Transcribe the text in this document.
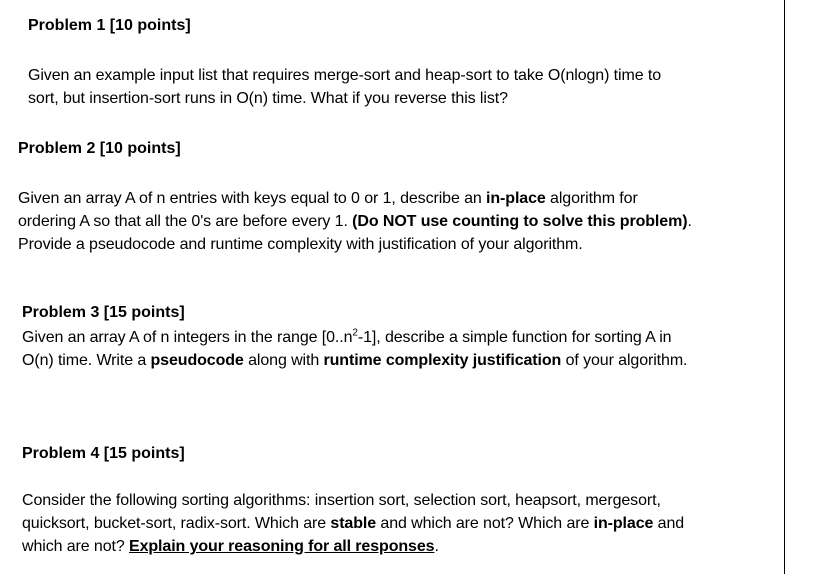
Problem 1 [10 points]
Given an example input list that requires merge-sort and heap-sort to take O(nlogn) time to
sort, but insertion-sort runs in O(n) time. What if you reverse this list?
Problem 2 [10 points]
Given an array A of n entries with keys equal to 0 or 1, describe an in-place algorithm for
ordering A so that all the 0's are before every 1. (Do NOT use counting to solve this problem).
Provide a pseudocode and runtime complexity with justification of your algorithm.
Problem 3 [15 points]
Given an array A of n integers in the range $[0..n^2-1]$, describe a simple function for sorting A in
O(n) time. Write a pseudocode along with runtime complexity justification of your algorithm.
Problem 4 [15 points]
Consider the following sorting algorithms: insertion sort, selection sort, heapsort, mergesort,
quicksort, bucket-sort, radix-sort. Which are stable and which are not? Which are in-place and
which are not? Explain your reasoning for all responses.
